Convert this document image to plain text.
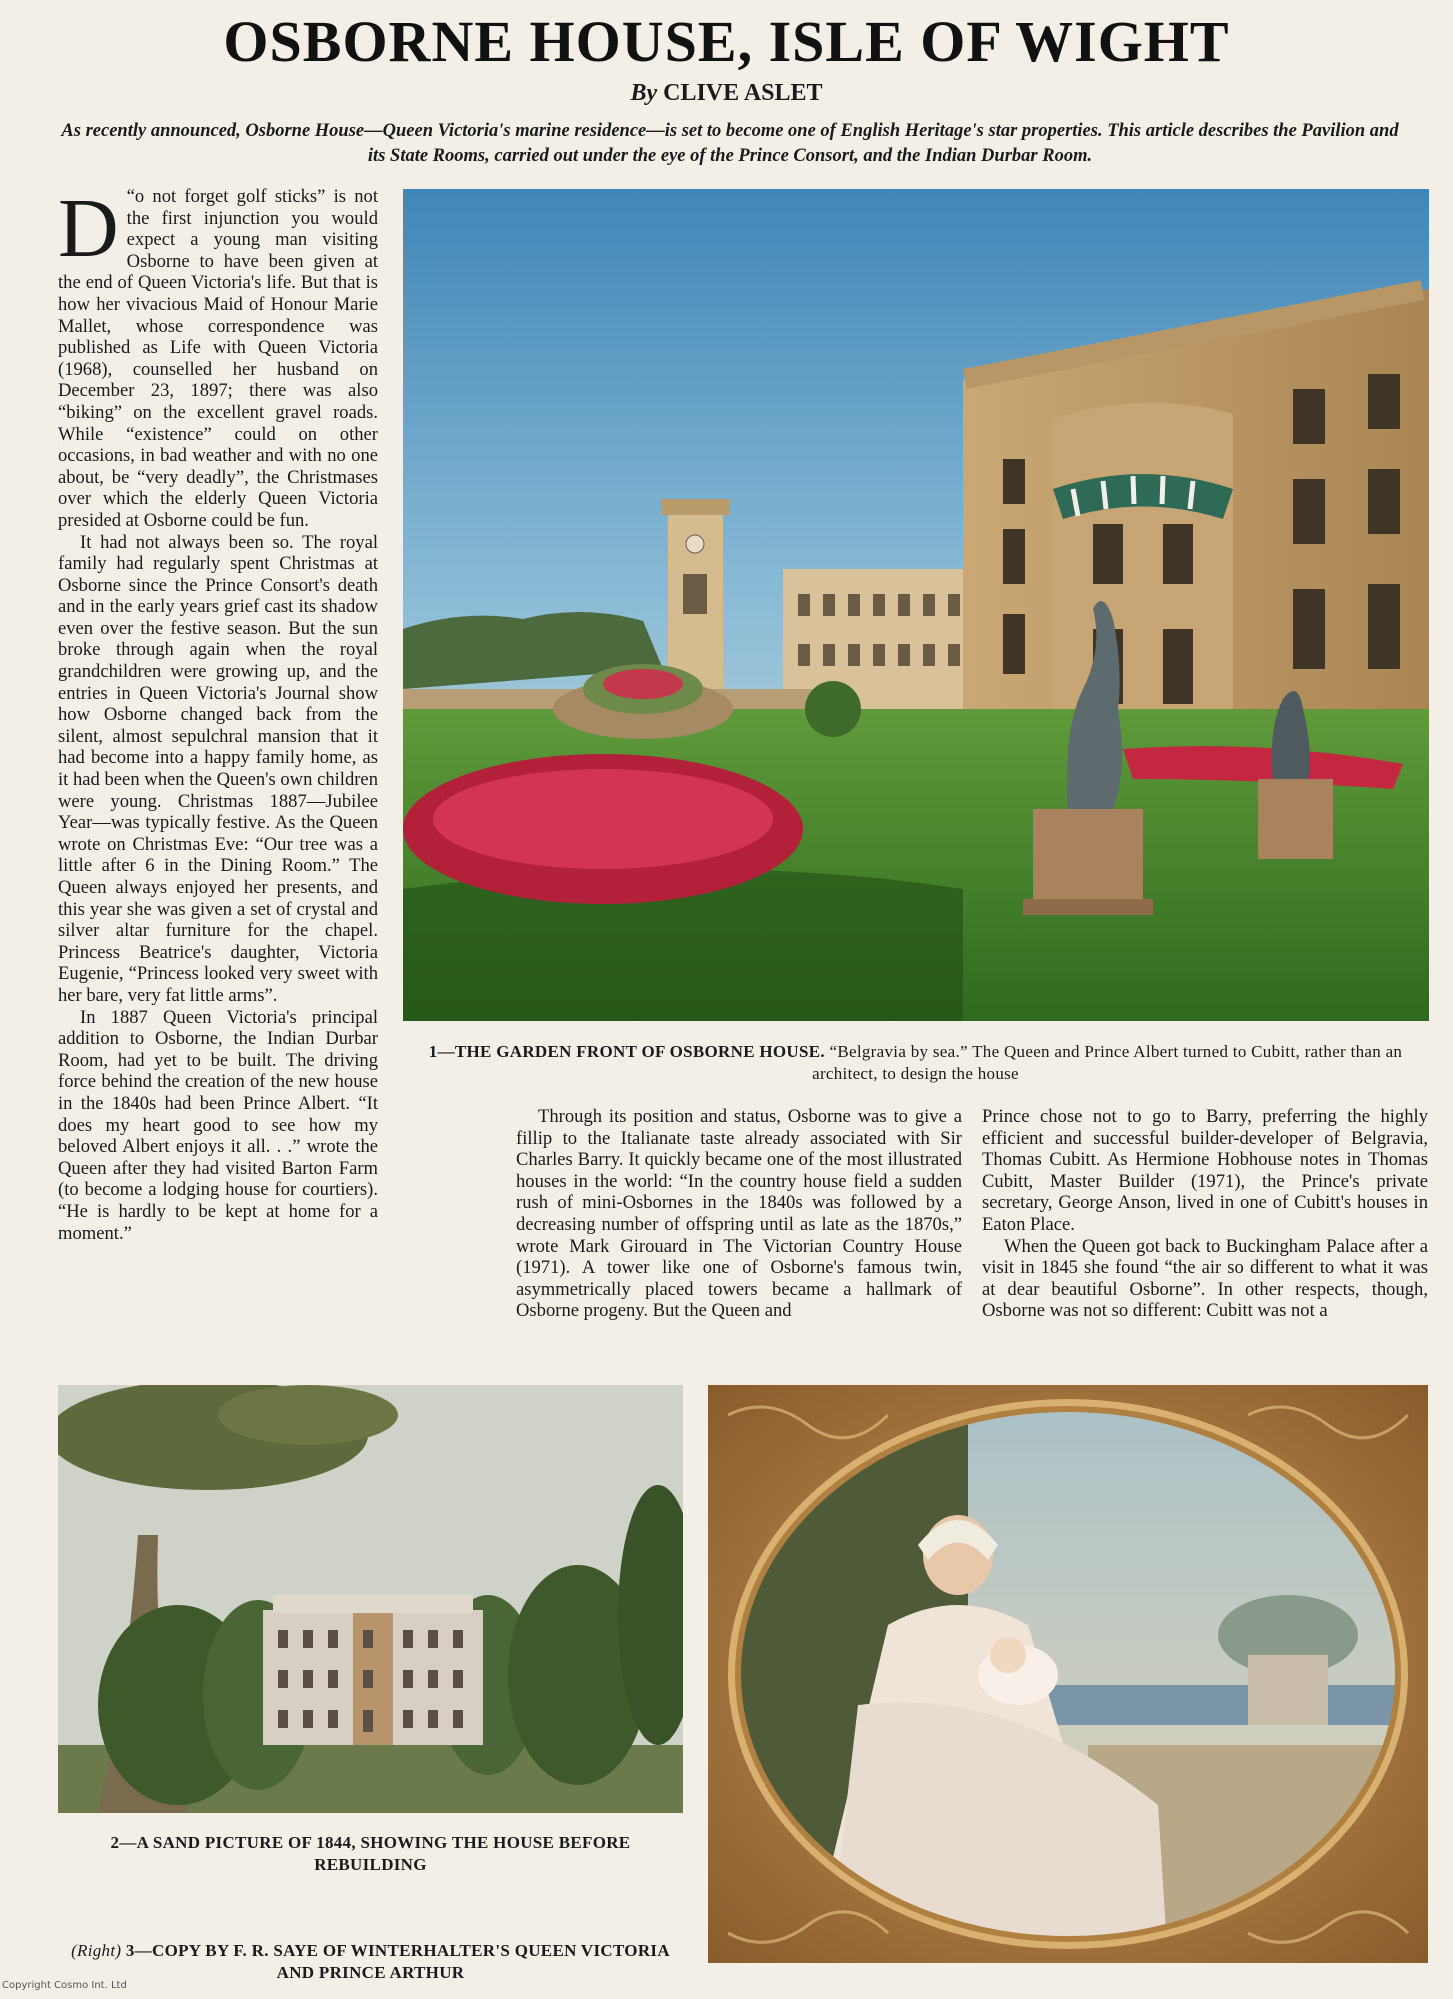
OSBORNE HOUSE, ISLE OF WIGHT
By CLIVE ASLET
As recently announced, Osborne House—Queen Victoria's marine residence—is set to become one of English Heritage's star properties. This article describes the Pavilion and its State Rooms, carried out under the eye of the Prince Consort, and the Indian Durbar Room.
D “o not forget golf sticks” is not the first injunction you would expect a young man visiting Osborne to have been given at the end of Queen Victoria's life. But that is how her vivacious Maid of Honour Marie Mallet, whose correspondence was published as Life with Queen Victoria (1968), counselled her husband on December 23, 1897; there was also “biking” on the excellent gravel roads. While “existence” could on other occasions, in bad weather and with no one about, be “very deadly”, the Christmases over which the elderly Queen Victoria presided at Osborne could be fun.

It had not always been so. The royal family had regularly spent Christmas at Osborne since the Prince Consort's death and in the early years grief cast its shadow even over the festive season. But the sun broke through again when the royal grandchildren were growing up, and the entries in Queen Victoria's Journal show how Osborne changed back from the silent, almost sepulchral mansion that it had become into a happy family home, as it had been when the Queen's own children were young. Christmas 1887—Jubilee Year—was typically festive. As the Queen wrote on Christmas Eve: “Our tree was a little after 6 in the Dining Room.” The Queen always enjoyed her presents, and this year she was given a set of crystal and silver altar furniture for the chapel. Princess Beatrice's daughter, Victoria Eugenie, “Princess looked very sweet with her bare, very fat little arms”.

In 1887 Queen Victoria's principal addition to Osborne, the Indian Durbar Room, had yet to be built. The driving force behind the creation of the new house in the 1840s had been Prince Albert. “It does my heart good to see how my beloved Albert enjoys it all. . .” wrote the Queen after they had visited Barton Farm (to become a lodging house for courtiers). “He is hardly to be kept at home for a moment.”

1—THE GARDEN FRONT OF OSBORNE HOUSE. “Belgravia by sea.” The Queen and Prince Albert turned to Cubitt, rather than an architect, to design the house

Through its position and status, Osborne was to give a fillip to the Italianate taste already associated with Sir Charles Barry. It quickly became one of the most illustrated houses in the world: “In the country house field a sudden rush of mini-Osbornes in the 1840s was followed by a decreasing number of offspring until as late as the 1870s,” wrote Mark Girouard in The Victorian Country House (1971). A tower like one of Osborne's famous twin, asymmetrically placed towers became a hallmark of Osborne progeny. But the Queen and

Prince chose not to go to Barry, preferring the highly efficient and successful builder-developer of Belgravia, Thomas Cubitt. As Hermione Hobhouse notes in Thomas Cubitt, Master Builder (1971), the Prince's private secretary, George Anson, lived in one of Cubitt's houses in Eaton Place.

When the Queen got back to Buckingham Palace after a visit in 1845 she found “the air so different to what it was at dear beautiful Osborne”. In other respects, though, Osborne was not so different: Cubitt was not a

2—A SAND PICTURE OF 1844, SHOWING THE HOUSE BEFORE REBUILDING
(Right) 3—COPY BY F. R. SAYE OF WINTERHALTER'S QUEEN VICTORIA AND PRINCE ARTHUR
Copyright Cosmo Int. Ltd
